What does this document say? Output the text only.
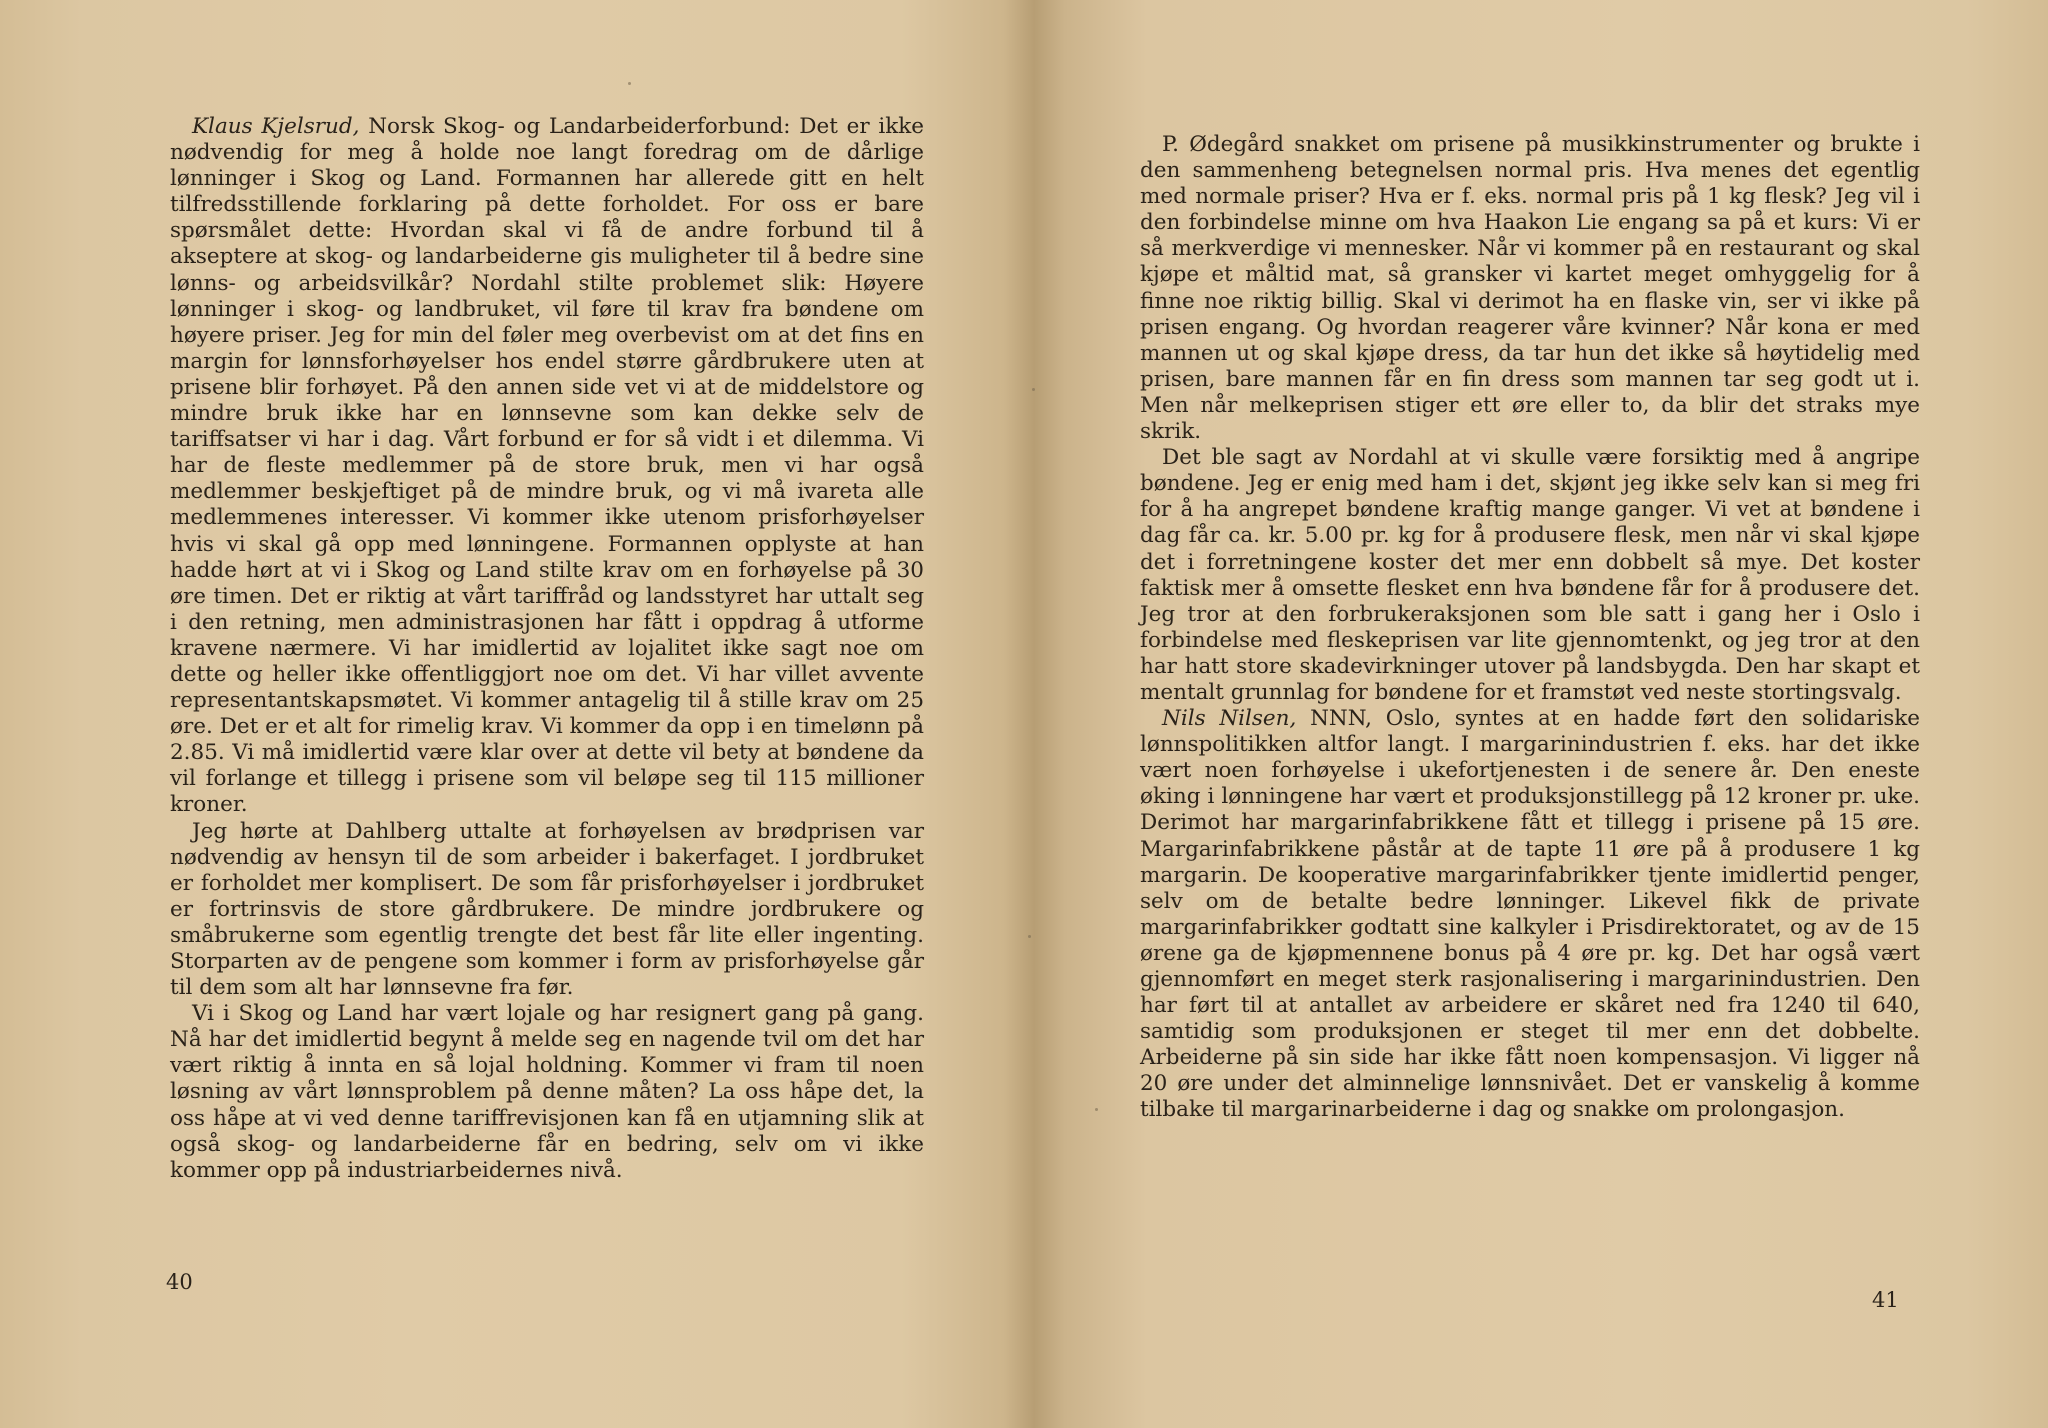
Klaus Kjelsrud, Norsk Skog- og Landarbeiderforbund: Det er ikke nødvendig for meg å holde noe langt foredrag om de dårlige lønninger i Skog og Land. Formannen har allerede gitt en helt tilfredsstillende forklaring på dette forholdet. For oss er bare spørsmålet dette: Hvordan skal vi få de andre forbund til å akseptere at skog- og landarbeiderne gis muligheter til å bedre sine lønns- og arbeidsvilkår? Nordahl stilte problemet slik: Høyere lønninger i skog- og landbruket, vil føre til krav fra bøndene om høyere priser. Jeg for min del føler meg overbevist om at det fins en margin for lønnsforhøyelser hos endel større gårdbrukere uten at prisene blir forhøyet. På den annen side vet vi at de middelstore og mindre bruk ikke har en lønnsevne som kan dekke selv de tariffsatser vi har i dag. Vårt forbund er for så vidt i et dilemma. Vi har de fleste medlemmer på de store bruk, men vi har også medlemmer beskjeftiget på de mindre bruk, og vi må ivareta alle medlemmenes interesser. Vi kommer ikke utenom prisforhøyelser hvis vi skal gå opp med lønningene. Formannen opplyste at han hadde hørt at vi i Skog og Land stilte krav om en forhøyelse på 30 øre timen. Det er riktig at vårt tariffråd og landsstyret har uttalt seg i den retning, men administrasjonen har fått i oppdrag å utforme kravene nærmere. Vi har imidlertid av lojalitet ikke sagt noe om dette og heller ikke offentliggjort noe om det. Vi har villet avvente representantskapsmøtet. Vi kommer antagelig til å stille krav om 25 øre. Det er et alt for rimelig krav. Vi kommer da opp i en timelønn på 2.85. Vi må imidlertid være klar over at dette vil bety at bøndene da vil forlange et tillegg i prisene som vil beløpe seg til 115 millioner kroner.

Jeg hørte at Dahlberg uttalte at forhøyelsen av brødprisen var nødvendig av hensyn til de som arbeider i bakerfaget. I jordbruket er forholdet mer komplisert. De som får prisforhøyelser i jordbruket er fortrinsvis de store gårdbrukere. De mindre jordbrukere og småbrukerne som egentlig trengte det best får lite eller ingenting. Storparten av de pengene som kommer i form av prisforhøyelse går til dem som alt har lønnsevne fra før.

Vi i Skog og Land har vært lojale og har resignert gang på gang. Nå har det imidlertid begynt å melde seg en nagende tvil om det har vært riktig å innta en så lojal holdning. Kommer vi fram til noen løsning av vårt lønnsproblem på denne måten? La oss håpe det, la oss håpe at vi ved denne tariffrevisjonen kan få en utjamning slik at også skog- og landarbeiderne får en bedring, selv om vi ikke kommer opp på industriarbeidernes nivå.

40

P. Ødegård snakket om prisene på musikkinstrumenter og brukte i den sammenheng betegnelsen normal pris. Hva menes det egentlig med normale priser? Hva er f. eks. normal pris på 1 kg flesk? Jeg vil i den forbindelse minne om hva Haakon Lie engang sa på et kurs: Vi er så merkverdige vi mennesker. Når vi kommer på en restaurant og skal kjøpe et måltid mat, så gransker vi kartet meget omhyggelig for å finne noe riktig billig. Skal vi derimot ha en flaske vin, ser vi ikke på prisen engang. Og hvordan reagerer våre kvinner? Når kona er med mannen ut og skal kjøpe dress, da tar hun det ikke så høytidelig med prisen, bare mannen får en fin dress som mannen tar seg godt ut i. Men når melkeprisen stiger ett øre eller to, da blir det straks mye skrik.

Det ble sagt av Nordahl at vi skulle være forsiktig med å angripe bøndene. Jeg er enig med ham i det, skjønt jeg ikke selv kan si meg fri for å ha angrepet bøndene kraftig mange ganger. Vi vet at bøndene i dag får ca. kr. 5.00 pr. kg for å produsere flesk, men når vi skal kjøpe det i forretningene koster det mer enn dobbelt så mye. Det koster faktisk mer å omsette flesket enn hva bøndene får for å produsere det. Jeg tror at den forbrukeraksjonen som ble satt i gang her i Oslo i forbindelse med fleskeprisen var lite gjennomtenkt, og jeg tror at den har hatt store skadevirkninger utover på landsbygda. Den har skapt et mentalt grunnlag for bøndene for et framstøt ved neste stortingsvalg.

Nils Nilsen, NNN, Oslo, syntes at en hadde ført den solidariske lønnspolitikken altfor langt. I margarinindustrien f. eks. har det ikke vært noen forhøyelse i ukefortjenesten i de senere år. Den eneste øking i lønningene har vært et produksjonstillegg på 12 kroner pr. uke. Derimot har margarinfabrikkene fått et tillegg i prisene på 15 øre. Margarinfabrikkene påstår at de tapte 11 øre på å produsere 1 kg margarin. De kooperative margarinfabrikker tjente imidlertid penger, selv om de betalte bedre lønninger. Likevel fikk de private margarinfabrikker godtatt sine kalkyler i Prisdirektoratet, og av de 15 ørene ga de kjøpmennene bonus på 4 øre pr. kg. Det har også vært gjennomført en meget sterk rasjonalisering i margarinindustrien. Den har ført til at antallet av arbeidere er skåret ned fra 1240 til 640, samtidig som produksjonen er steget til mer enn det dobbelte. Arbeiderne på sin side har ikke fått noen kompensasjon. Vi ligger nå 20 øre under det alminnelige lønnsnivået. Det er vanskelig å komme tilbake til margarinarbeiderne i dag og snakke om prolongasjon.

41
